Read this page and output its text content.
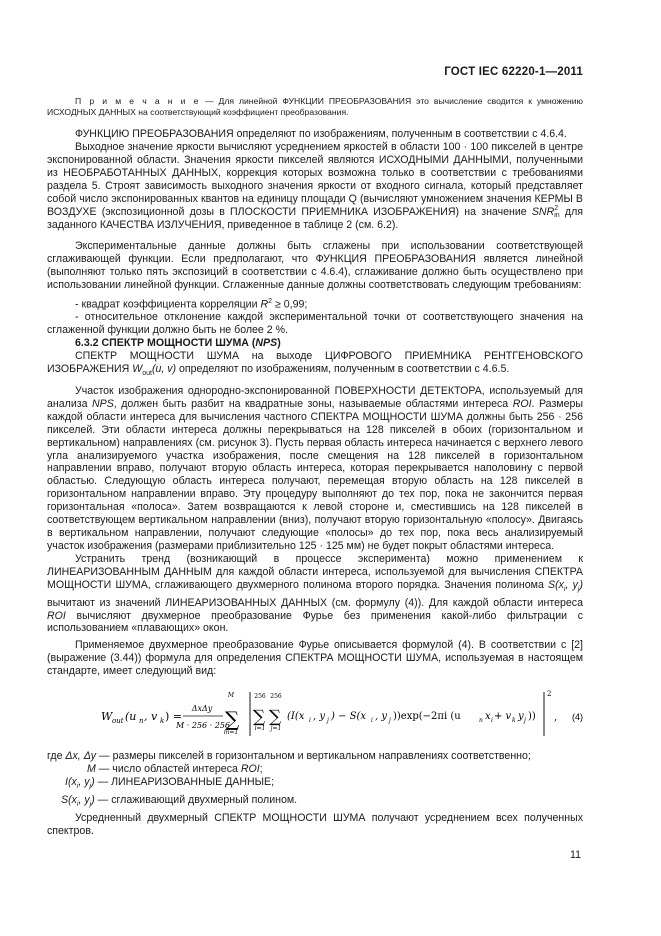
ГОСТ IEC 62220-1—2011
П р и м е ч а н и е — Для линейной ФУНКЦИИ ПРЕОБРАЗОВАНИЯ это вычисление сводится к умножению ИСХОДНЫХ ДАННЫХ на соответствующий коэффициент преобразования.

ФУНКЦИЮ ПРЕОБРАЗОВАНИЯ определяют по изображениям, полученным в соответствии с 4.6.4.

Выходное значение яркости вычисляют усреднением яркостей в области 100 · 100 пикселей в центре экспонированной области. Значения яркости пикселей являются ИСХОДНЫМИ ДАННЫМИ, полученными из НЕОБРАБОТАННЫХ ДАННЫХ, коррекция которых возможна только в соответствии с требованиями раздела 5. Строят зависимость выходного значения яркости от входного сигнала, который представляет собой число экспонированных квантов на единицу площади Q (вычисляют умножением значения КЕРМЫ В ВОЗДУХЕ (экспозиционной дозы в ПЛОСКОСТИ ПРИЕМНИКА ИЗОБРАЖЕНИЯ) на значение SNR 2
in для заданного КАЧЕСТВА ИЗЛУЧЕНИЯ, приведенное в таблице 2 (см. 6.2).

Экспериментальные данные должны быть сглажены при использовании соответствующей сглаживающей функции. Если предполагают, что ФУНКЦИЯ ПРЕОБРАЗОВАНИЯ является линейной (выполняют только пять экспозиций в соответствии с 4.6.4), сглаживание должно быть осуществлено при использовании линейной функции. Сглаженные данные должны соответствовать следующим требованиям:

- квадрат коэффициента корреляции $R^2 \ge 0,99$;

- относительное отклонение каждой экспериментальной точки от соответствующего значения на сглаженной функции должно быть не более 2 %.

6.3.2 СПЕКТР МОЩНОСТИ ШУМА (NPS)

СПЕКТР МОЩНОСТИ ШУМА на выходе ЦИФРОВОГО ПРИЕМНИКА РЕНТГЕНОВСКОГО ИЗОБРАЖЕНИЯ $W_{out}(u$, v) определяют по изображениям, полученным в соответствии с 4.6.5.

Участок изображения однородно-экспонированной ПОВЕРХНОСТИ ДЕТЕКТОРА, используемый для анализа NPS, должен быть разбит на квадратные зоны, называемые областями интереса ROI. Размеры каждой области интереса для вычисления частного СПЕКТРА МОЩНОСТИ ШУМА должны быть 256 · 256 пикселей. Эти области интереса должны перекрываться на 128 пикселей в обоих (горизонтальном и вертикальном) направлениях (см. рисунок 3). Пусть первая область интереса начинается с верхнего левого угла анализируемого участка изображения, после смещения на 128 пикселей в горизонтальном направлении вправо, получают вторую область интереса, которая перекрывается наполовину с первой областью. Следующую область интереса получают, перемещая вторую область на 128 пикселей в горизонтальном направлении вправо. Эту процедуру выполняют до тех пор, пока не закончится первая горизонтальная «полоса». Затем возвращаются к левой стороне и, сместившись на 128 пикселей в соответствующем вертикальном направлении (вниз), получают вторую горизонтальную «полосу». Двигаясь в вертикальном направлении, получают следующие «полосы» до тех пор, пока весь анализируемый участок изображения (размерами приблизительно 125 · 125 мм) не будет покрыт областями интереса.

Устранить тренд (возникающий в процессе эксперимента) можно применением к ЛИНЕАРИЗОВАННЫМ ДАННЫМ для каждой области интереса, используемой для вычисления СПЕКТРА МОЩНОСТИ ШУМА, сглаживающего двухмерного полинома второго порядка. Значения полинома $S(x_i$, $y_j$) вычитают из значений ЛИНЕАРИЗОВАННЫХ ДАННЫХ (см. формулу (4)). Для каждой области интереса ROI вычисляют двухмерное преобразование Фурье без применения какой-либо фильтрации с использованием «плавающих» окон.

Применяемое двухмерное преобразование Фурье описывается формулой (4). В соответствии с [2] (выражение (3.44)) формула для определения СПЕКТРА МОЩНОСТИ ШУМА, используемая в настоящем стандарте, имеет следующий вид:

W out (u n , v k ) =
ΔxΔy
M · 256 · 256
M
∑
m=1
256
∑
i=1
256
∑
j=1
(I(x i , y j ) − S(x i , y j ))exp(−2πi (u	n x i + v k y j ))
2
, (4)

где Δx, Δy — размеры пикселей в горизонтальном и вертикальном направлениях соответственно;

M — число областей интереса ROI;

$I(x_i$, $y_j$) — ЛИНЕАРИЗОВАННЫЕ ДАННЫЕ;

$S(x_i$, $y_j$) — сглаживающий двухмерный полином.

Усредненный двухмерный СПЕКТР МОЩНОСТИ ШУМА получают усреднением всех полученных спектров.

11
